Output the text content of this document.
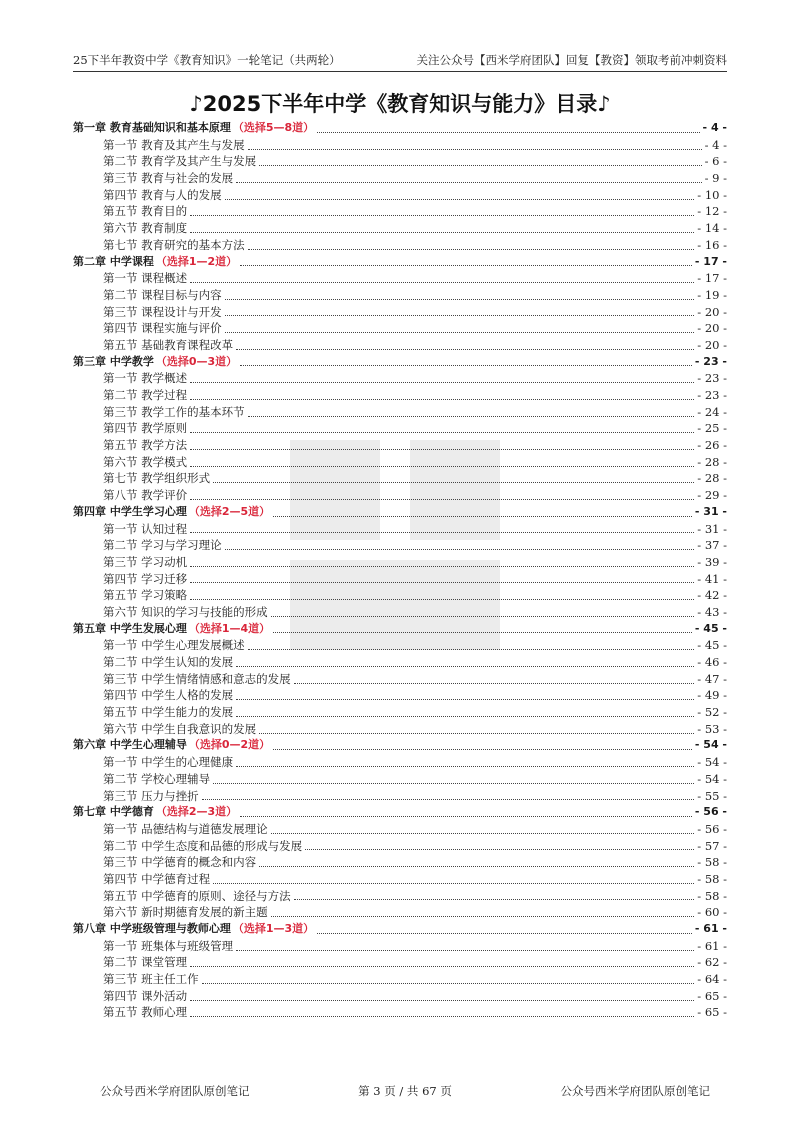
25下半年教资中学《教育知识》一轮笔记（共两轮）	关注公众号【西米学府团队】回复【教资】领取考前冲刺资料
♪2025下半年中学《教育知识与能力》目录♪
第一章 教育基础知识和基本原理 （选择5—8道）	- 4 -
第一节 教育及其产生与发展	- 4 -
第二节 教育学及其产生与发展	- 6 -
第三节 教育与社会的发展	- 9 -
第四节 教育与人的发展	- 10 -
第五节 教育目的	- 12 -
第六节 教育制度	- 14 -
第七节 教育研究的基本方法	- 16 -
第二章 中学课程 （选择1—2道）	- 17 -
第一节 课程概述	- 17 -
第二节 课程目标与内容	- 19 -
第三节 课程设计与开发	- 20 -
第四节 课程实施与评价	- 20 -
第五节 基础教育课程改革	- 20 -
第三章 中学教学 （选择0—3道）	- 23 -
第一节 教学概述	- 23 -
第二节 教学过程	- 23 -
第三节 教学工作的基本环节	- 24 -
第四节 教学原则	- 25 -
第五节 教学方法	- 26 -
第六节 教学模式	- 28 -
第七节 教学组织形式	- 28 -
第八节 教学评价	- 29 -
第四章 中学生学习心理 （选择2—5道）	- 31 -
第一节 认知过程	- 31 -
第二节 学习与学习理论	- 37 -
第三节 学习动机	- 39 -
第四节 学习迁移	- 41 -
第五节 学习策略	- 42 -
第六节 知识的学习与技能的形成	- 43 -
第五章 中学生发展心理 （选择1—4道）	- 45 -
第一节 中学生心理发展概述	- 45 -
第二节 中学生认知的发展	- 46 -
第三节 中学生情绪情感和意志的发展	- 47 -
第四节 中学生人格的发展	- 49 -
第五节 中学生能力的发展	- 52 -
第六节 中学生自我意识的发展	- 53 -
第六章 中学生心理辅导 （选择0—2道）	- 54 -
第一节 中学生的心理健康	- 54 -
第二节 学校心理辅导	- 54 -
第三节 压力与挫折	- 55 -
第七章 中学德育 （选择2—3道）	- 56 -
第一节 品德结构与道德发展理论	- 56 -
第二节 中学生态度和品德的形成与发展	- 57 -
第三节 中学德育的概念和内容	- 58 -
第四节 中学德育过程	- 58 -
第五节 中学德育的原则、途径与方法	- 58 -
第六节 新时期德育发展的新主题	- 60 -
第八章 中学班级管理与教师心理 （选择1—3道）	- 61 -
第一节 班集体与班级管理	- 61 -
第二节 课堂管理	- 62 -
第三节 班主任工作	- 64 -
第四节 课外活动	- 65 -
第五节 教师心理	- 65 -
公众号西米学府团队原创笔记	第 3 页 / 共 67 页	公众号西米学府团队原创笔记
